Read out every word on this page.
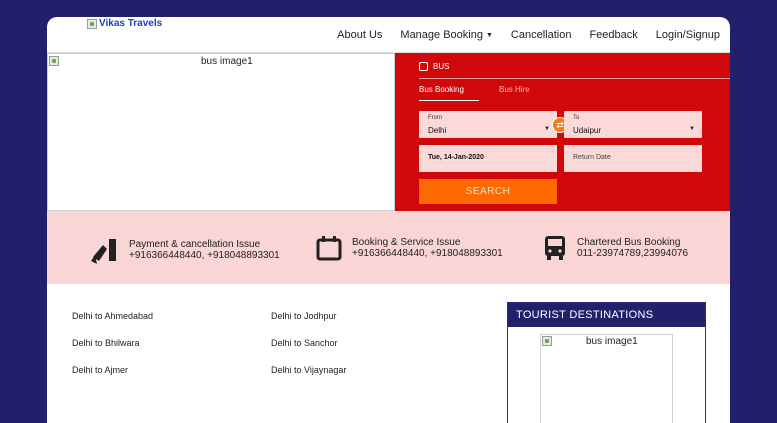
Vikas Travels
About Us Manage Booking ▼ Cancellation Feedback Login/Signup
bus image1	BUS
Bus Booking	Bus Hire
From
Delhi	▼ ⇄
To
Udaipur	▼
Tue, 14-Jan-2020	Return Date
SEARCH
Payment & cancellation Issue
+916366448440, +918048893301
Booking & Service Issue
+916366448440, +918048893301
Chartered Bus Booking
011-23974789,23994076
Delhi to Ahmedabad
Delhi to Bhilwara
Delhi to Ajmer
Delhi to Jodhpur
Delhi to Sanchor
Delhi to Vijaynagar
TOURIST DESTINATIONS
bus image1
